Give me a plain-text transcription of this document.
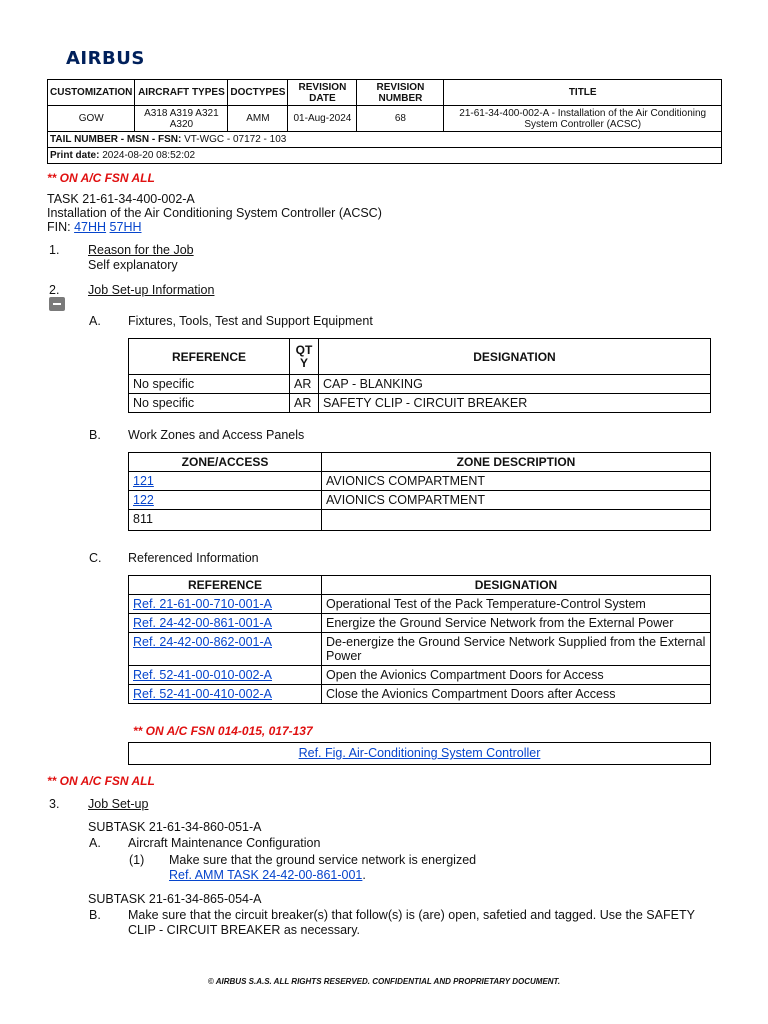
AIRBUS
CUSTOMIZATION	AIRCRAFT TYPES	DOCTYPES	REVISION DATE	REVISION NUMBER	TITLE
GOW	A318 A319 A321 A320	AMM	01-Aug-2024	68	21-61-34-400-002-A - Installation of the Air Conditioning System Controller (ACSC)
TAIL NUMBER - MSN - FSN: VT-WGC - 07172 - 103					
Print date: 2024-08-20 08:52:02					
** ON A/C FSN ALL
TASK 21-61-34-400-002-A
Installation of the Air Conditioning System Controller (ACSC)
FIN: 47HH 57HH
1. Reason for the Job
Self explanatory
2. Job Set-up Information
A. Fixtures, Tools, Test and Support Equipment
REFERENCE	QT Y	DESIGNATION
No specific	AR	CAP - BLANKING
No specific	AR	SAFETY CLIP - CIRCUIT BREAKER
B. Work Zones and Access Panels
ZONE/ACCESS	ZONE DESCRIPTION
121	AVIONICS COMPARTMENT
122	AVIONICS COMPARTMENT
811	
C. Referenced Information
REFERENCE	DESIGNATION
Ref. 21-61-00-710-001-A	Operational Test of the Pack Temperature-Control System
Ref. 24-42-00-861-001-A	Energize the Ground Service Network from the External Power
Ref. 24-42-00-862-001-A	De-energize the Ground Service Network Supplied from the External Power
Ref. 52-41-00-010-002-A	Open the Avionics Compartment Doors for Access
Ref. 52-41-00-410-002-A	Close the Avionics Compartment Doors after Access
** ON A/C FSN 014-015, 017-137
Ref. Fig. Air-Conditioning System Controller
** ON A/C FSN ALL
3. Job Set-up
SUBTASK 21-61-34-860-051-A
A. Aircraft Maintenance Configuration
(1) Make sure that the ground service network is energized
Ref. AMM TASK 24-42-00-861-001.
SUBTASK 21-61-34-865-054-A
B. Make sure that the circuit breaker(s) that follow(s) is (are) open, safetied and tagged. Use the SAFETY CLIP - CIRCUIT BREAKER as necessary.
© AIRBUS S.A.S. ALL RIGHTS RESERVED. CONFIDENTIAL AND PROPRIETARY DOCUMENT.
